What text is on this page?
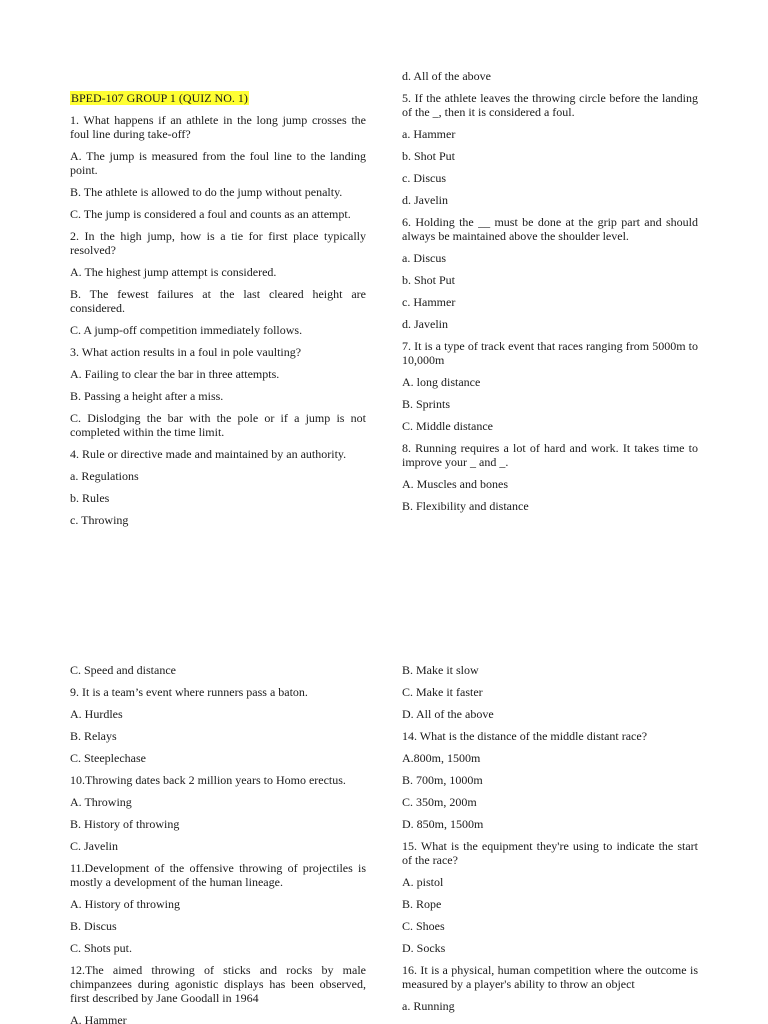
BPED-107 GROUP 1 (QUIZ NO. 1)

1. What happens if an athlete in the long jump crosses the foul line during take-off?

A. The jump is measured from the foul line to the landing point.

B. The athlete is allowed to do the jump without penalty.

C. The jump is considered a foul and counts as an attempt.

2. In the high jump, how is a tie for first place typically resolved?

A. The highest jump attempt is considered.

B. The fewest failures at the last cleared height are considered.

C. A jump-off competition immediately follows.

3. What action results in a foul in pole vaulting?

A. Failing to clear the bar in three attempts.

B. Passing a height after a miss.

C. Dislodging the bar with the pole or if a jump is not completed within the time limit.

4. Rule or directive made and maintained by an authority.

a. Regulations

b. Rules

c. Throwing

d. All of the above

5. If the athlete leaves the throwing circle before the landing of the _, then it is considered a foul.

a. Hammer

b. Shot Put

c. Discus

d. Javelin

6. Holding the __ must be done at the grip part and should always be maintained above the shoulder level.

a. Discus

b. Shot Put

c. Hammer

d. Javelin

7. It is a type of track event that races ranging from 5000m to 10,000m

A. long distance

B. Sprints

C. Middle distance

8. Running requires a lot of hard and work. It takes time to improve your _ and _.

A. Muscles and bones

B. Flexibility and distance

C. Speed and distance

9. It is a team’s event where runners pass a baton.

A. Hurdles

B. Relays

C. Steeplechase

10.Throwing dates back 2 million years to Homo erectus.

A. Throwing

B. History of throwing

C. Javelin

11.Development of the offensive throwing of projectiles is mostly a development of the human lineage.

A. History of throwing

B. Discus

C. Shots put.

12.The aimed throwing of sticks and rocks by male chimpanzees during agonistic displays has been observed, first described by Jane Goodall in 1964

A. Hammer

B. Make it slow

C. Make it faster

D. All of the above

14. What is the distance of the middle distant race?

A.800m, 1500m

B. 700m, 1000m

C. 350m, 200m

D. 850m, 1500m

15. What is the equipment they're using to indicate the start of the race?

A. pistol

B. Rope

C. Shoes

D. Socks

16. It is a physical, human competition where the outcome is measured by a player's ability to throw an object

a. Running
